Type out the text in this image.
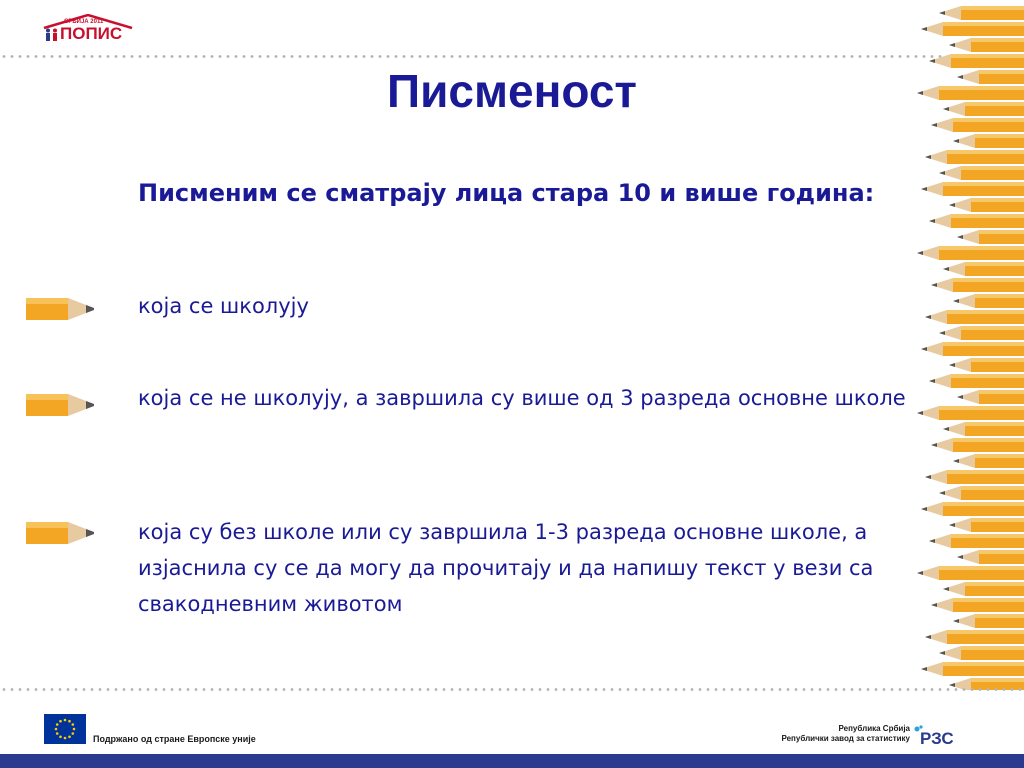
СРБИЈА 2011
ПОПИС
Писменост

Писменим се сматрају лица стара 10 и више година:

која се школују

која се не школују, а завршила су више од 3 разреда основне школе

која су без школе или су завршила 1-3 разреда основне школе, а изјаснила су се да могу да прочитају и да напишу текст у вези са свакодневним животом

Подржано од стране Европске уније
Република Србија
Републички завод за статистику РЗС
